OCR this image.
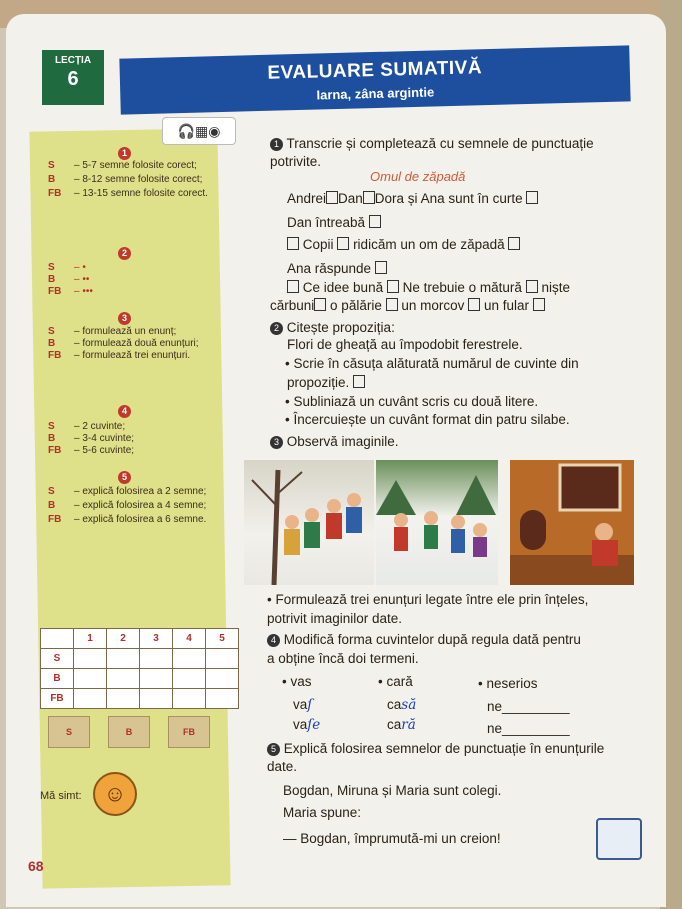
LECȚIA
6	EVALUARE SUMATIVĂ
Iarna, zâna argintie
🎧▦◉
1
S	– 5-7 semne folosite corect;
B	– 8-12 semne folosite corect;
FB	– 13-15 semne folosite corect.
2
S	– •
B	– ••
FB	– •••
3
S	– formulează un enunț;
B	– formulează două enunțuri;
FB	– formulează trei enunțuri.
4
S	– 2 cuvinte;
B	– 3-4 cuvinte;
FB	– 5-6 cuvinte;
5
S	– explică folosirea a 2 semne;
B	– explică folosirea a 4 semne;
FB	– explică folosirea a 6 semne.
	1	2	3	4	5
S					
B					
FB					
S	B	FB
Mă simt:	☺
68
1 Transcrie și completează cu semnele de punctuație
potrivite.
Omul de zăpadă
Andrei Dan Dora și Ana sunt în curte
Dan întreabă
Copii ridicăm un om de zăpadă
Ana răspunde
Ce idee bună Ne trebuie o mătură niște
cărbuni o pălărie un morcov un fular
2 Citește propoziția:
Flori de gheață au împodobit ferestrele.
• Scrie în căsuța alăturată numărul de cuvinte din
propoziție.
• Subliniază un cuvânt scris cu două litere.
• Încercuiește un cuvânt format din patru silabe.
3 Observă imaginile.
• Formulează trei enunțuri legate între ele prin înțeles,
potrivit imaginilor date.
4 Modifică forma cuvintelor după regula dată pentru
a obține încă doi termeni.
• vas	• cară	• neserios
vaſ	casă	ne_________
vaſe	cară	ne_________
5 Explică folosirea semnelor de punctuație în enunțurile
date.
Bogdan, Miruna și Maria sunt colegi.
Maria spune:
— Bogdan, împrumută-mi un creion!
